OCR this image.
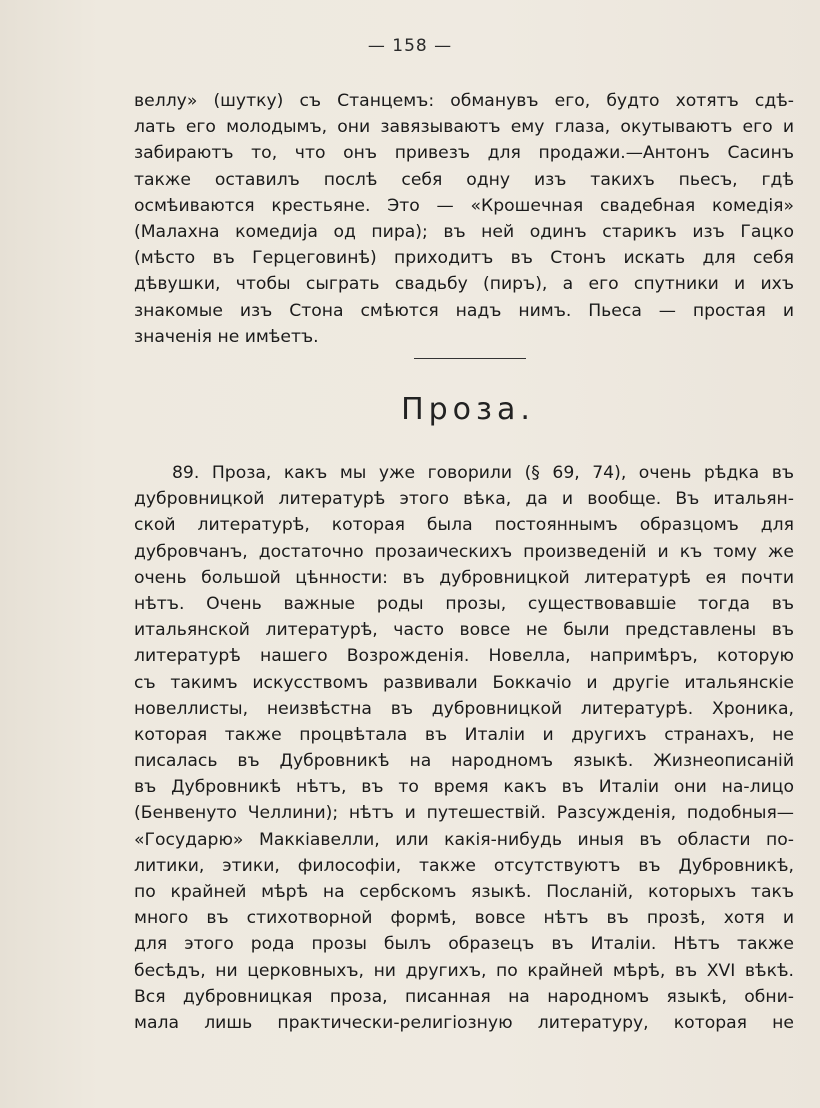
— 158 —
веллу» (шутку) съ Станцемъ: обманувъ его, будто хотятъ сдѣ-
лать его молодымъ, они завязываютъ ему глаза, окутываютъ его и
забираютъ то, что онъ привезъ для продажи.—Антонъ Сасинъ
также оставилъ послѣ себя одну изъ такихъ пьесъ, гдѣ
осмѣиваются крестьяне. Это — «Крошечная свадебная комедія»
(Малахна комедиjа од пира); въ ней одинъ старикъ изъ Гацко
(мѣсто въ Герцеговинѣ) приходитъ въ Стонъ искать для себя
дѣвушки, чтобы сыграть свадьбу (пиръ), а его спутники и ихъ
знакомые изъ Стона смѣются надъ нимъ. Пьеса — простая и
значенія не имѣетъ.
Проза.
89. Проза, какъ мы уже говорили (§ 69, 74), очень рѣдка въ
дубровницкой литературѣ этого вѣка, да и вообще. Въ итальян-
ской литературѣ, которая была постояннымъ образцомъ для
дубровчанъ, достаточно прозаическихъ произведеній и къ тому же
очень большой цѣнности: въ дубровницкой литературѣ ея почти
нѣтъ. Очень важные роды прозы, существовавшіе тогда въ
итальянской литературѣ, часто вовсе не были представлены въ
литературѣ нашего Возрожденія. Новелла, напримѣръ, которую
съ такимъ искусствомъ развивали Боккачіо и другіе итальянскіе
новеллисты, неизвѣстна въ дубровницкой литературѣ. Хроника,
которая также процвѣтала въ Италіи и другихъ странахъ, не
писалась въ Дубровникѣ на народномъ языкѣ. Жизнеописаній
въ Дубровникѣ нѣтъ, въ то время какъ въ Италіи они на-лицо
(Бенвенуто Челлини); нѣтъ и путешествій. Разсужденія, подобныя—
«Государю» Маккіавелли, или какія-нибудь иныя въ области по-
литики, этики, философіи, также отсутствуютъ въ Дубровникѣ,
по крайней мѣрѣ на сербскомъ языкѣ. Посланій, которыхъ такъ
много въ стихотворной формѣ, вовсе нѣтъ въ прозѣ, хотя и
для этого рода прозы былъ образецъ въ Италіи. Нѣтъ также
бесѣдъ, ни церковныхъ, ни другихъ, по крайней мѣрѣ, въ XVI вѣкѣ.
Вся дубровницкая проза, писанная на народномъ языкѣ, обни-
мала лишь практически-религіозную литературу, которая не
